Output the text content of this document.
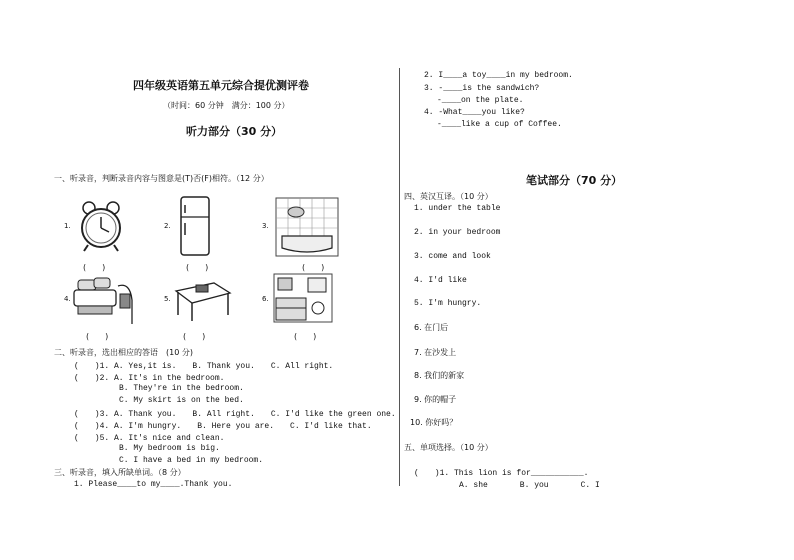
四年级英语第五单元综合提优测评卷
（时间：60 分钟　满分：100 分）
听力部分（30 分）
一、听录音，判断录音内容与图意是(T)否(F)相符。（12 分）
1.
(　　)
2.
(　　)
3.
(　　)
4.
(　　)
5.
(　　)
6.
(　　)
二、听录音，选出相应的答语　(10 分)
(　　)1. A. Yes,it is.　　B. Thank you.　　C. All right.
(　　)2. A. It's in the bedroom.
B. They're in the bedroom.
C. My skirt is on the bed.
(　　)3. A. Thank you.　　B. All right.　　C. I'd like the green one.
(　　)4. A. I'm hungry.　　B. Here you are.　　C. I'd like that.
(　　)5. A. It's nice and clean.
B. My bedroom is big.
C. I have a bed in my bedroom.
三、听录音，填入所缺单词。（8 分）
1. Please____to my____.Thank you.
2. I____a toy____in my bedroom.
3. -____is the sandwich?
-____on the plate.
4. -What____you like?
-____like a cup of Coffee.
笔试部分（70 分）
四、英汉互译。（10 分）
1. under the table
2. in your bedroom
3. come and look
4. I'd like
5. I'm hungry.
6. 在门后
7. 在沙发上
8. 我们的新家
9. 你的帽子
10. 你好吗？
五、单项选择。（10 分）
(　　)1. This lion is for___________.
A. she　　　　B. you　　　　C. I
